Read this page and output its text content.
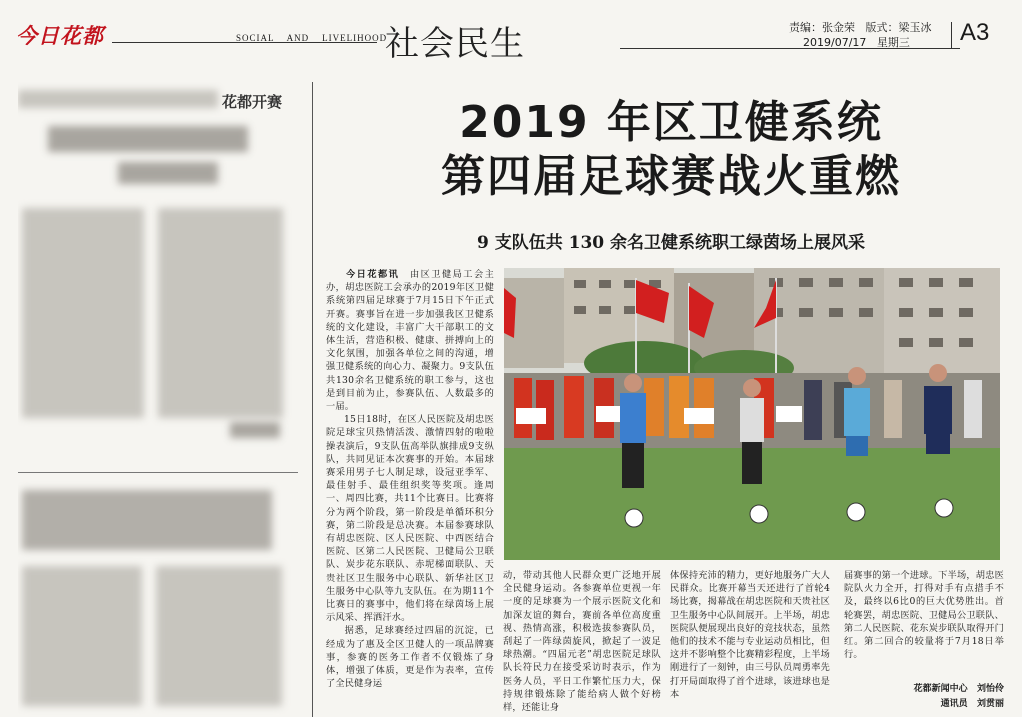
今日花都	SOCIAL    AND    LIVELIHOOD
社会民生	责编：张金荣   版式：梁玉冰
2019/07/17   星期三 A3
花都开赛	2019 年区卫健系统
第四届足球赛战火重燃
9 支队伍共 130 余名卫健系统职工绿茵场上展风采
今日花都讯　 由区卫健局工会主办，胡忠医院工会承办的2019年区卫健系统第四届足球赛于7月15日下午正式开赛。赛事旨在进一步加强我区卫健系统的文化建设，丰富广大干部职工的文体生活，营造积极、健康、拼搏向上的文化氛围，加强各单位之间的沟通，增强卫健系统的向心力、凝聚力。9支队伍共130余名卫健系统的职工参与，这也是到目前为止，参赛队伍、人数最多的一届。
15日18时，在区人民医院及胡忠医院足球宝贝热情活泼、激情四射的啦啦操表演后，9支队伍高举队旗排成9支纵队，共同见证本次赛事的开始。本届球赛采用男子七人制足球，设冠亚季军、最佳射手、最佳组织奖等奖项。逢周一、周四比赛，共11个比赛日。比赛将分为两个阶段，第一阶段是单循环积分赛，第二阶段是总决赛。本届参赛球队有胡忠医院、区人民医院、中西医结合医院、区第二人民医院、卫健局公卫联队、炭步花东联队、赤坭梯面联队、天贵社区卫生服务中心联队、新华社区卫生服务中心队等九支队伍。在为期11个比赛日的赛事中，他们将在绿茵场上展示风采、挥洒汗水。
据悉，足球赛经过四届的沉淀，已经成为了惠及全区卫健人的一项品牌赛事，参赛的医务工作者不仅锻炼了身体，增强了体质，更是作为表率，宣传了全民健身运
动，带动其他人民群众更广泛地开展全民健身运动。各参赛单位更视一年一度的足球赛为一个展示医院文化和加深友谊的舞台，赛前各单位高度重视、热情高涨，积极选拔参赛队员，刮起了一阵绿茵旋风，掀起了一波足球热潮。“四届元老”胡忠医院足球队队长符民力在接受采访时表示，作为医务人员，平日工作繁忙压力大，保持规律锻炼除了能给病人做个好榜样，还能让身
体保持充沛的精力，更好地服务广大人民群众。比赛开幕当天还进行了首轮4场比赛，揭幕战在胡忠医院和天贵社区卫生服务中心队间展开。上半场，胡忠医院队便展现出良好的竞技状态，虽然他们的技术不能与专业运动员相比，但这并不影响整个比赛精彩程度，上半场刚进行了一刻钟，由三号队员周勇率先打开局面取得了首个进球，该进球也是本
届赛事的第一个进球。下半场，胡忠医院队火力全开，打得对手有点措手不及，最终以6比0的巨大优势胜出。首轮赛罢，胡忠医院、卫健局公卫联队、第二人民医院、花东炭步联队取得开门红。第二回合的较量将于7月18日举行。
花都新闻中心   刘怡伶
通讯员   刘贯丽
